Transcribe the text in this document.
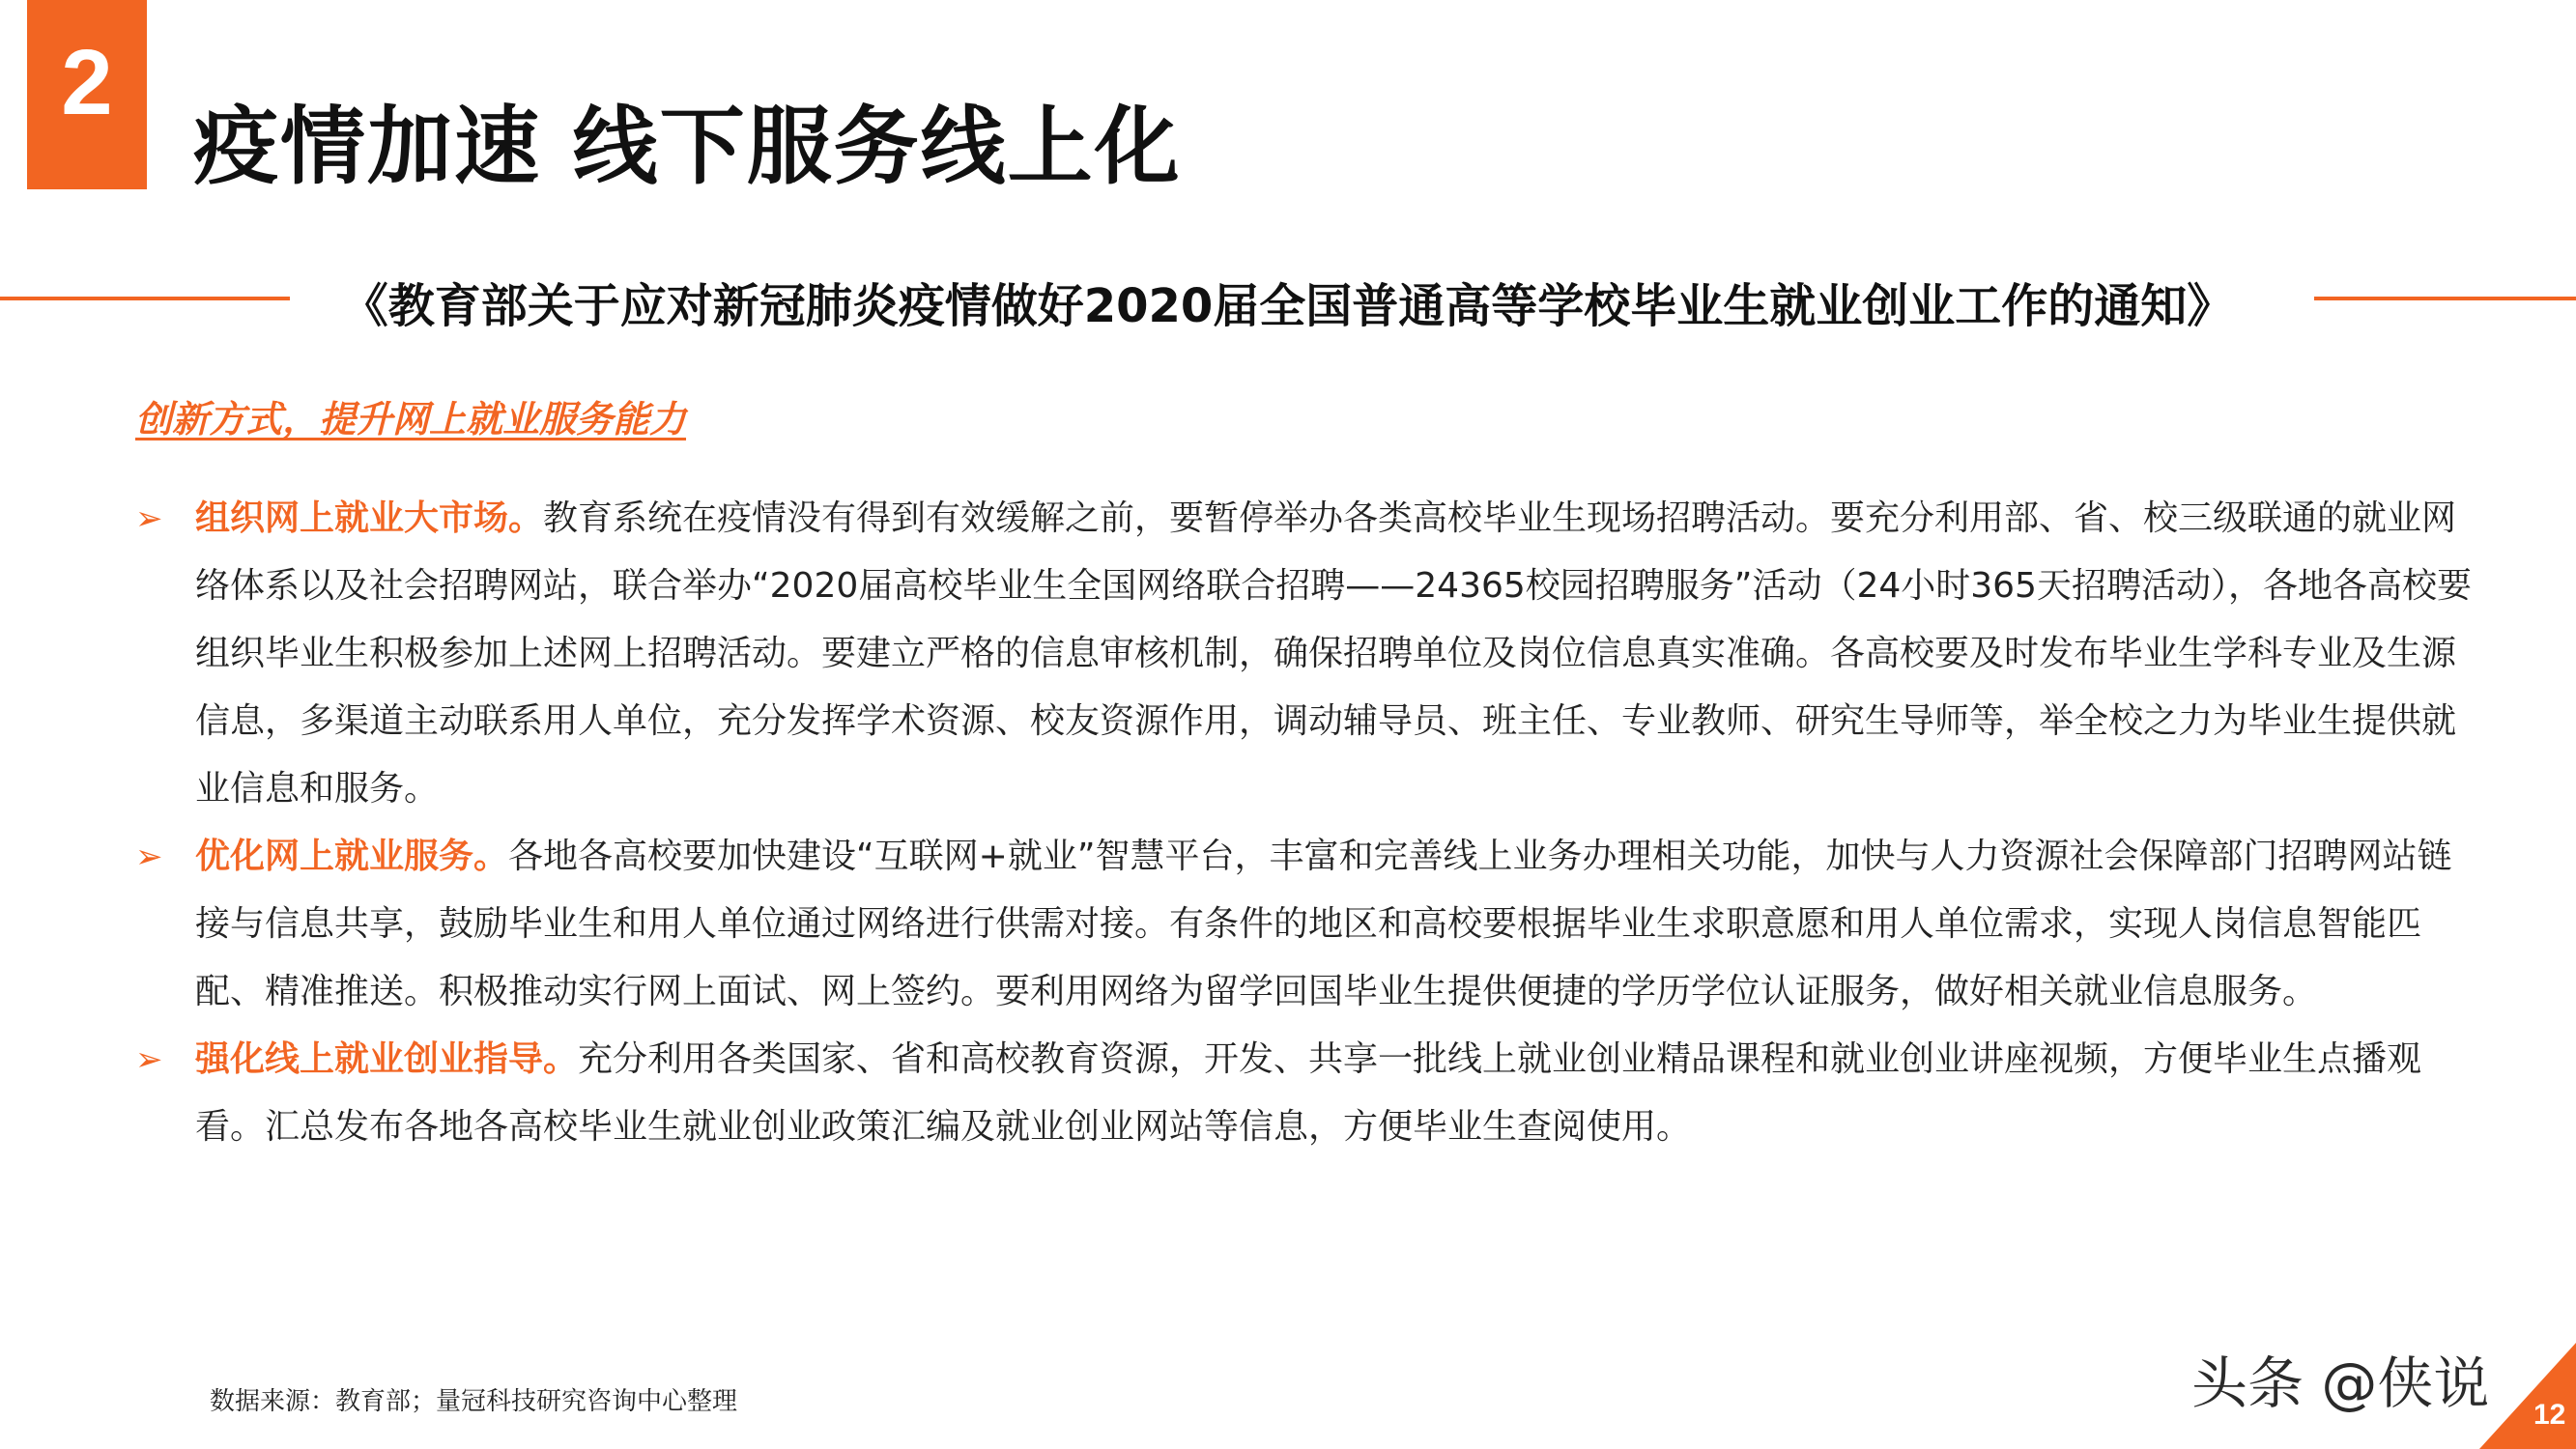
2
疫情加速 线下服务线上化
《教育部关于应对新冠肺炎疫情做好2020届全国普通高等学校毕业生就业创业工作的通知》
创新方式，提升网上就业服务能力
➢ 组织网上就业大市场。教育系统在疫情没有得到有效缓解之前，要暂停举办各类高校毕业生现场招聘活动。要充分利用部、省、校三级联通的就业网络体系以及社会招聘网站，联合举办“2020届高校毕业生全国网络联合招聘——24365校园招聘服务”活动（24小时365天招聘活动），各地各高校要组织毕业生积极参加上述网上招聘活动。要建立严格的信息审核机制，确保招聘单位及岗位信息真实准确。各高校要及时发布毕业生学科专业及生源信息，多渠道主动联系用人单位，充分发挥学术资源、校友资源作用，调动辅导员、班主任、专业教师、研究生导师等，举全校之力为毕业生提供就业信息和服务。
➢ 优化网上就业服务。各地各高校要加快建设“互联网+就业”智慧平台，丰富和完善线上业务办理相关功能，加快与人力资源社会保障部门招聘网站链接与信息共享，鼓励毕业生和用人单位通过网络进行供需对接。有条件的地区和高校要根据毕业生求职意愿和用人单位需求，实现人岗信息智能匹配、精准推送。积极推动实行网上面试、网上签约。要利用网络为留学回国毕业生提供便捷的学历学位认证服务，做好相关就业信息服务。
➢ 强化线上就业创业指导。充分利用各类国家、省和高校教育资源，开发、共享一批线上就业创业精品课程和就业创业讲座视频，方便毕业生点播观看。汇总发布各地各高校毕业生就业创业政策汇编及就业创业网站等信息，方便毕业生查阅使用。
数据来源：教育部；量冠科技研究咨询中心整理	头条 @侠说 12
